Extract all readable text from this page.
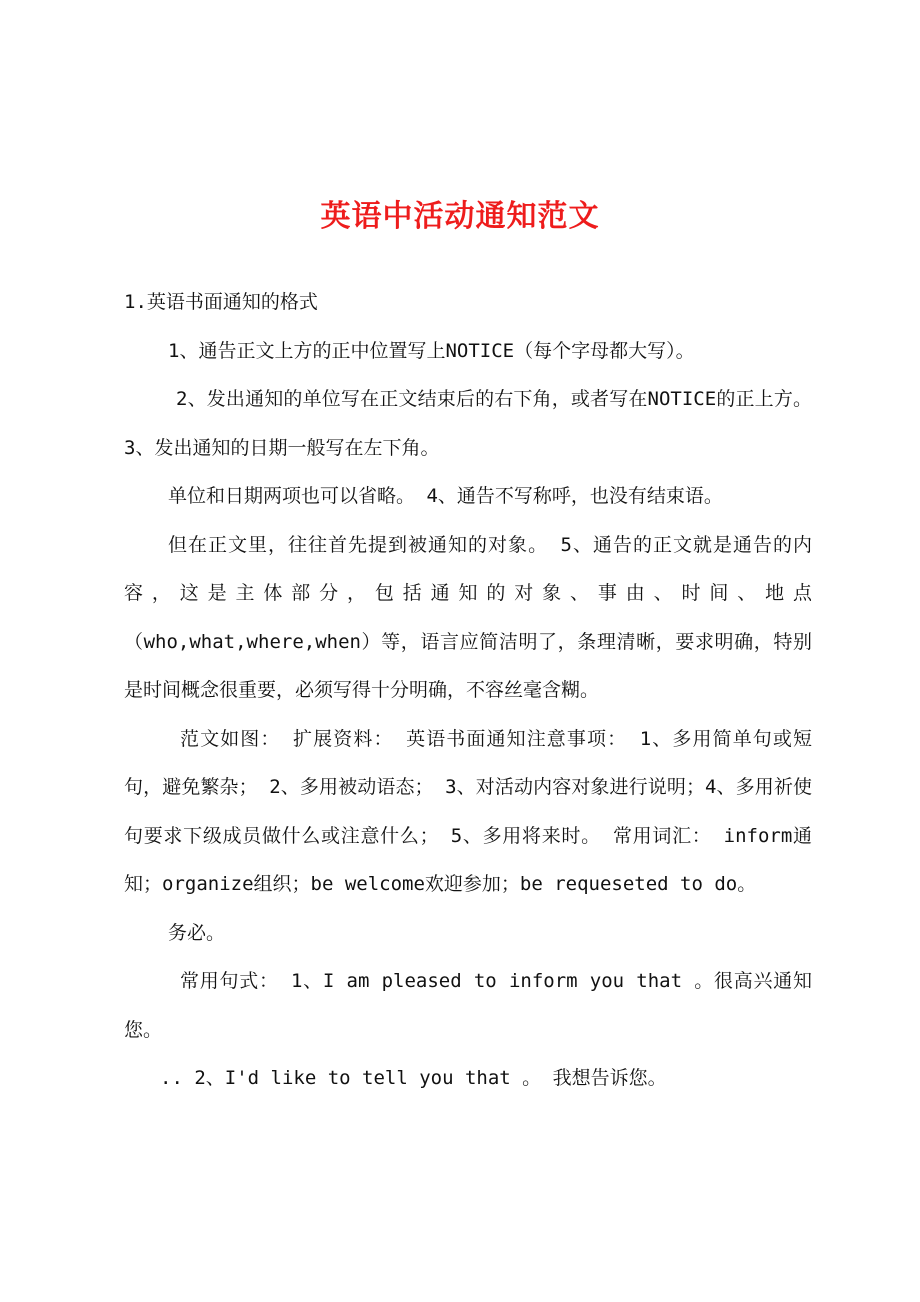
英语中活动通知范文

1.英语书面通知的格式

1、通告正文上方的正中位置写上NOTICE（每个字母都大写）。

2、发出通知的单位写在正文结束后的右下角，或者写在NOTICE的正上方。 3、发出通知的日期一般写在左下角。

单位和日期两项也可以省略。 4、通告不写称呼，也没有结束语。

但在正文里，往往首先提到被通知的对象。 5、通告的正文就是通告的内容，这是主体部分，包括通知的对象、事由、时间、地点（who,what,where,when）等，语言应简洁明了，条理清晰，要求明确，特别是时间概念很重要，必须写得十分明确，不容丝毫含糊。

范文如图： 扩展资料： 英语书面通知注意事项： 1、多用简单句或短句，避免繁杂； 2、多用被动语态； 3、对活动内容对象进行说明；4、多用祈使句要求下级成员做什么或注意什么； 5、多用将来时。 常用词汇： inform通知；organize组织；be welcome欢迎参加；be requeseted to do。

务必。

常用句式： 1、I am pleased to inform you that 。很高兴通知您。

.. 2、I'd like to tell you that 。 我想告诉您。
